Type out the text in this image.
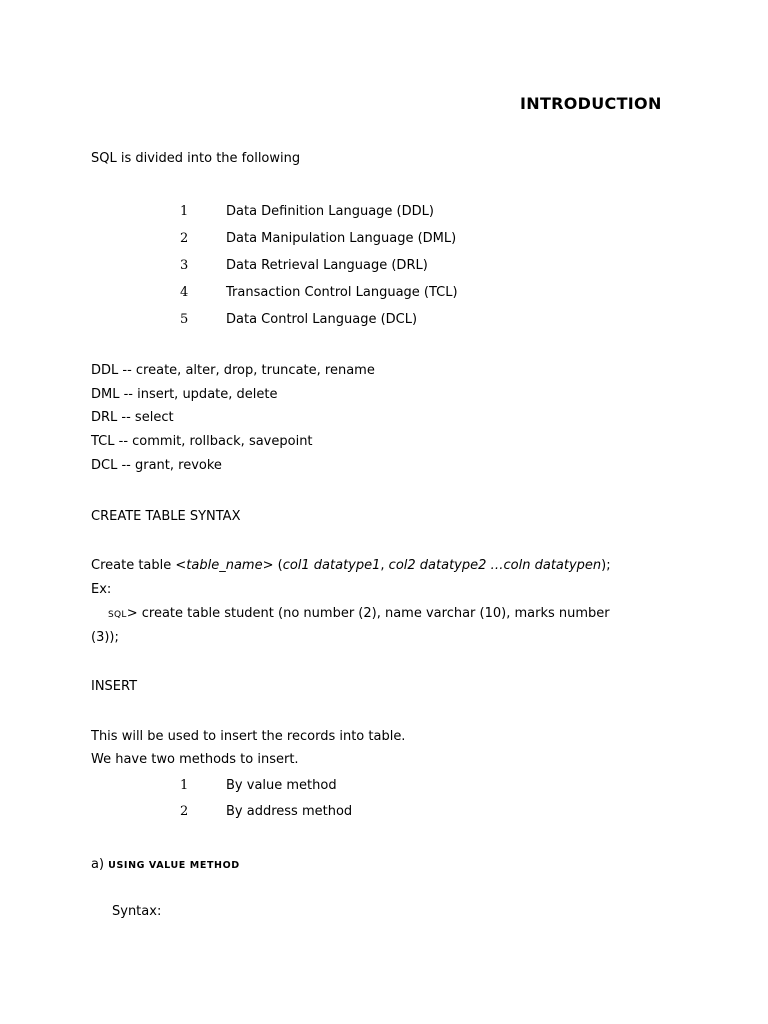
INTRODUCTION
SQL is divided into the following
1	Data Definition Language (DDL)
2	Data Manipulation Language (DML)
3	Data Retrieval Language (DRL)
4	Transaction Control Language (TCL)
5	Data Control Language (DCL)
DDL -- create, alter, drop, truncate, rename
DML -- insert, update, delete
DRL -- select
TCL -- commit, rollback, savepoint
DCL -- grant, revoke
CREATE TABLE SYNTAX
Create table <table_name> (col1 datatype1, col2 datatype2 …coln datatypen);
Ex:
SQL> create table student (no number (2), name varchar (10), marks number
(3));
INSERT
This will be used to insert the records into table.
We have two methods to insert.
1	By value method
2	By address method
a) USING VALUE METHOD
Syntax:
